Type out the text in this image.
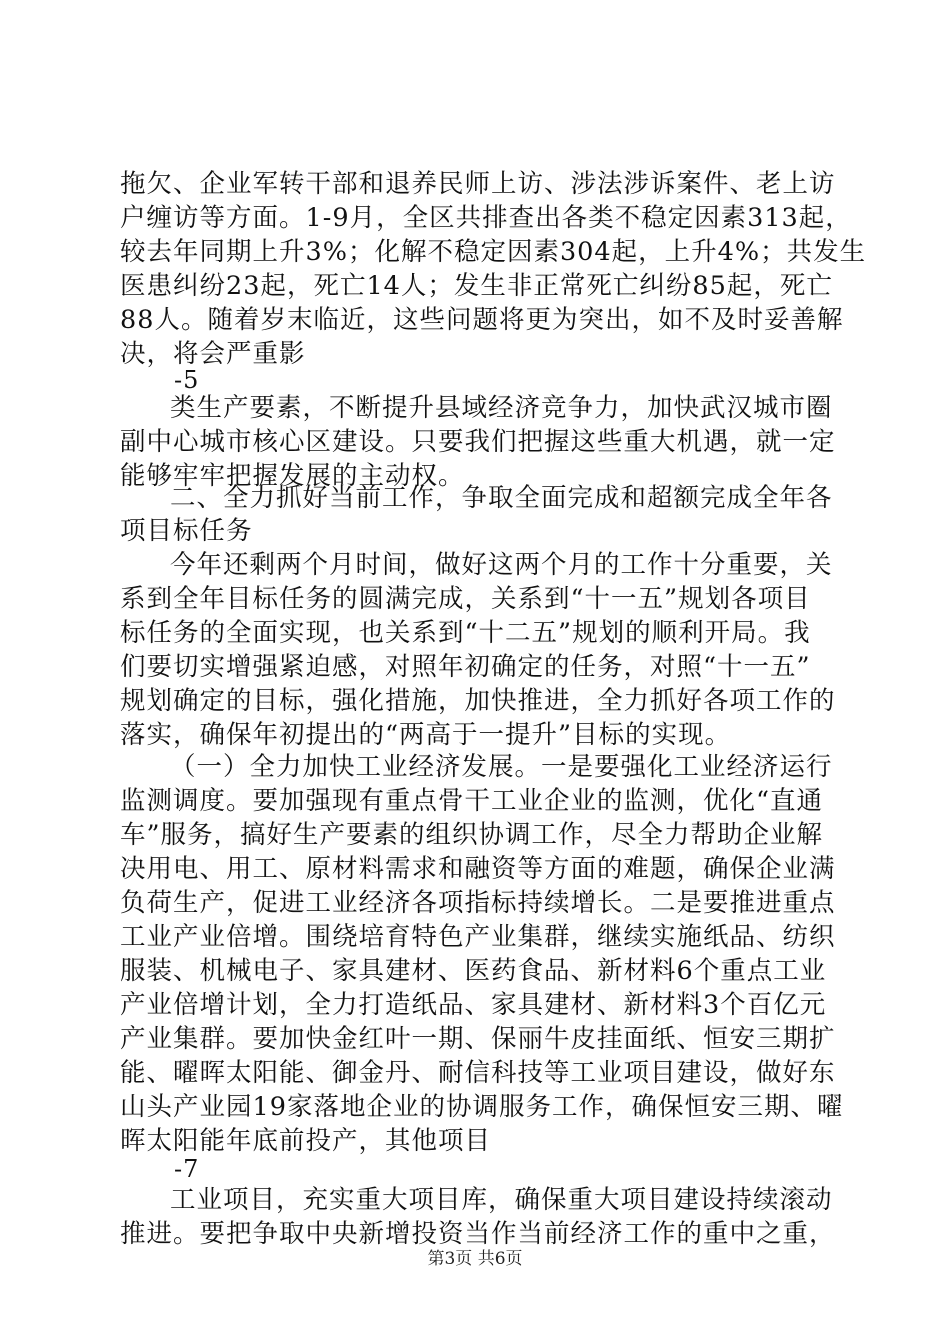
拖欠、企业军转干部和退养民师上访、涉法涉诉案件、老上访
户缠访等方面。1-9月，全区共排查出各类不稳定因素313起，
较去年同期上升3%；化解不稳定因素304起，上升4%；共发生
医患纠纷23起，死亡14人；发生非正常死亡纠纷85起，死亡
88人。随着岁末临近，这些问题将更为突出，如不及时妥善解
决，将会严重影
-5
类生产要素，不断提升县域经济竞争力，加快武汉城市圈
副中心城市核心区建设。只要我们把握这些重大机遇，就一定
能够牢牢把握发展的主动权。
二、全力抓好当前工作，争取全面完成和超额完成全年各
项目标任务
今年还剩两个月时间，做好这两个月的工作十分重要，关
系到全年目标任务的圆满完成，关系到“十一五”规划各项目
标任务的全面实现，也关系到“十二五”规划的顺利开局。我
们要切实增强紧迫感，对照年初确定的任务，对照“十一五”
规划确定的目标，强化措施，加快推进，全力抓好各项工作的
落实，确保年初提出的“两高于一提升”目标的实现。
（一）全力加快工业经济发展。一是要强化工业经济运行
监测调度。要加强现有重点骨干工业企业的监测，优化“直通
车”服务，搞好生产要素的组织协调工作，尽全力帮助企业解
决用电、用工、原材料需求和融资等方面的难题，确保企业满
负荷生产，促进工业经济各项指标持续增长。二是要推进重点
工业产业倍增。围绕培育特色产业集群，继续实施纸品、纺织
服装、机械电子、家具建材、医药食品、新材料6个重点工业
产业倍增计划，全力打造纸品、家具建材、新材料3个百亿元
产业集群。要加快金红叶一期、保丽牛皮挂面纸、恒安三期扩
能、曜晖太阳能、御金丹、耐信科技等工业项目建设，做好东
山头产业园19家落地企业的协调服务工作，确保恒安三期、曜
晖太阳能年底前投产，其他项目
-7
工业项目，充实重大项目库，确保重大项目建设持续滚动
推进。要把争取中央新增投资当作当前经济工作的重中之重，
第3页 共6页
